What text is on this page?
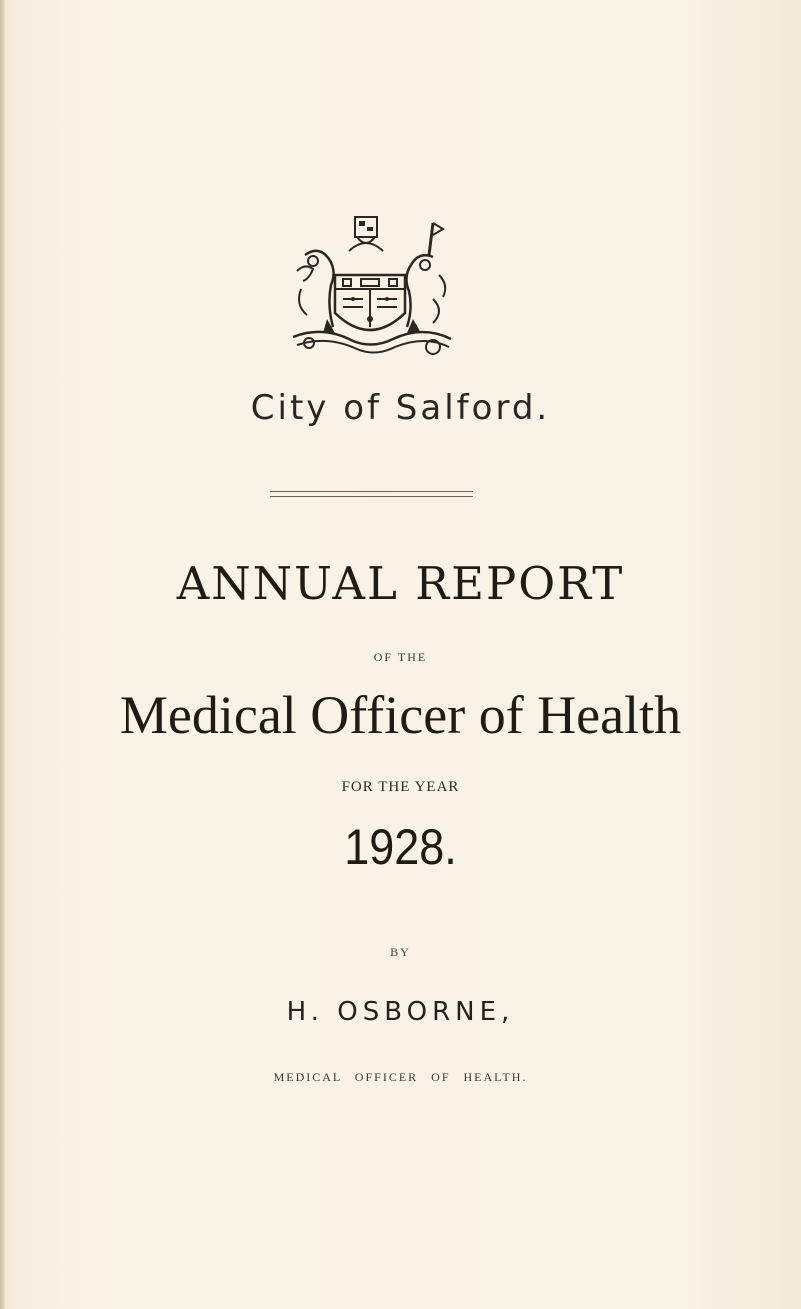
City of Salford.
ANNUAL REPORT
OF THE
Medical Officer of Health
FOR THE YEAR
1928.
BY
H. OSBORNE,
MEDICAL OFFICER OF HEALTH.
